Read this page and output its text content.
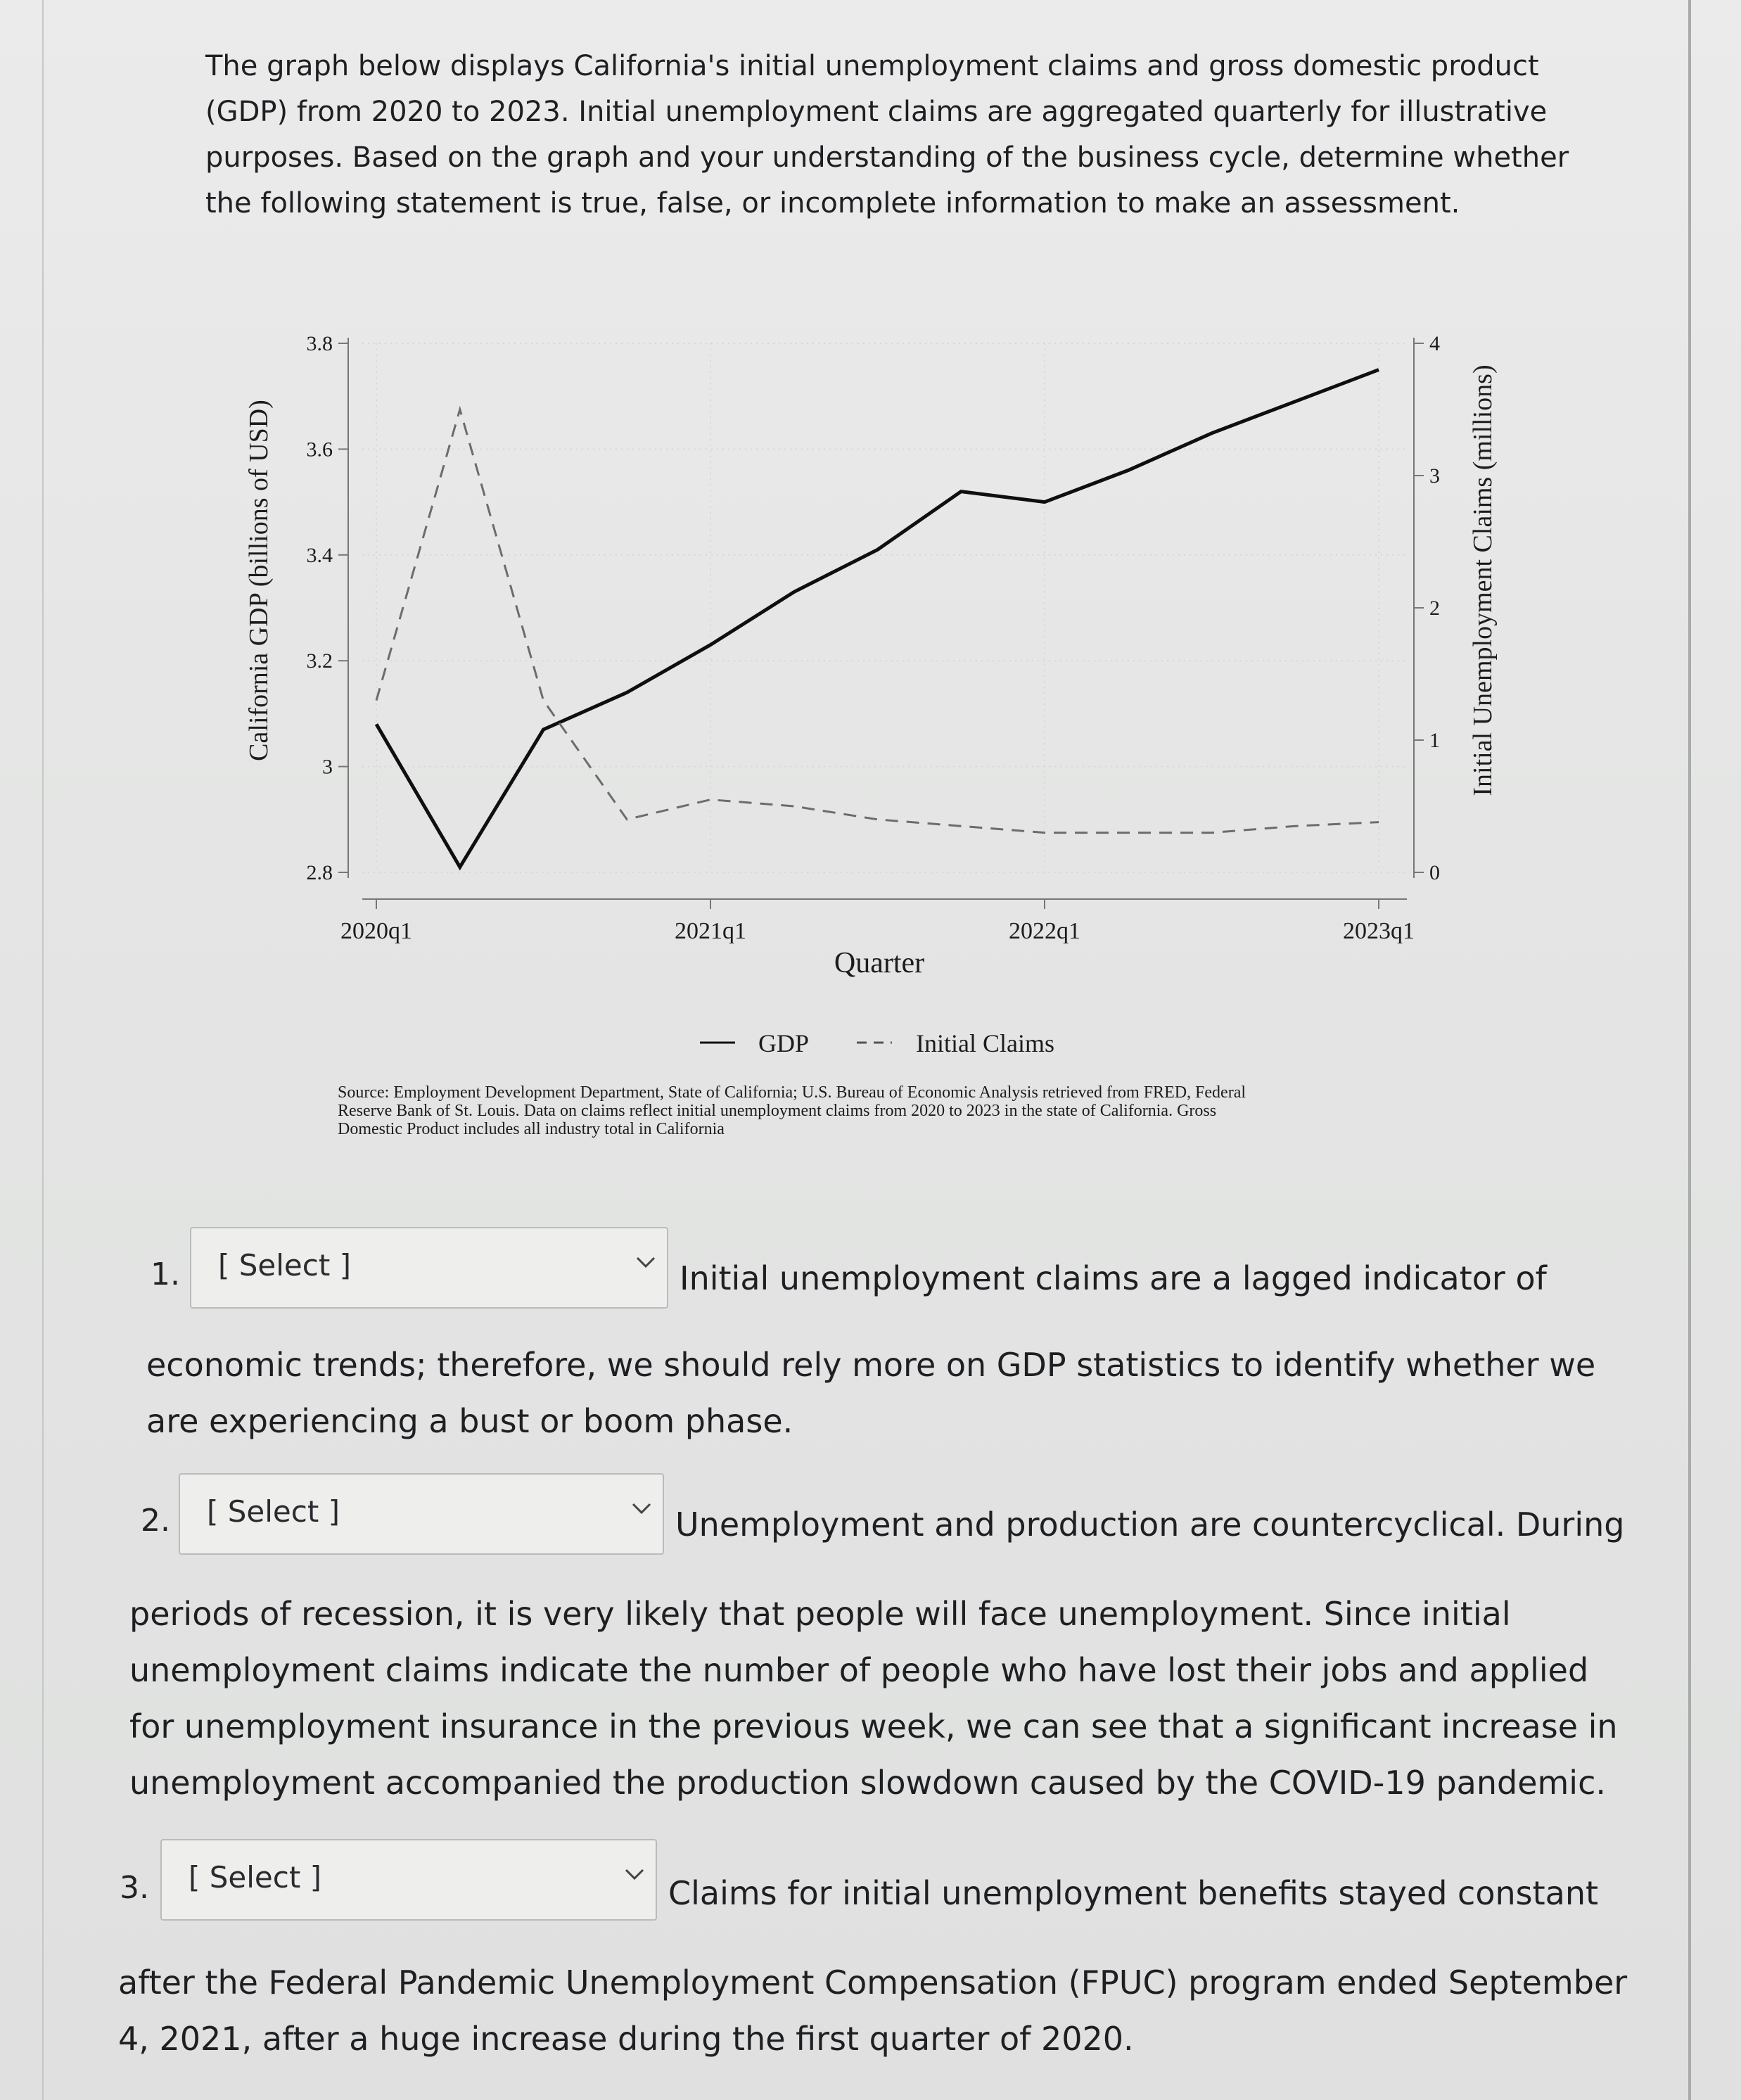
The graph below displays California's initial unemployment claims and gross domestic product (GDP) from 2020 to 2023. Initial unemployment claims are aggregated quarterly for illustrative purposes. Based on the graph and your understanding of the business cycle, determine whether the following statement is true, false, or incomplete information to make an assessment.

2.8
3
3.2
3.4
3.6
3.8
0
1
2
3
4
2020q1	2021q1	2022q1	2023q1
California GDP (billions of USD)	Initial Unemployment Claims (millions)
Quarter
GDP	Initial Claims
Source: Employment Development Department, State of California; U.S. Bureau of Economic Analysis retrieved from FRED, Federal
Reserve Bank of St. Louis. Data on claims reflect initial unemployment claims from 2020 to 2023 in the state of California. Gross
Domestic Product includes all industry total in California
1. [ Select ]	Initial unemployment claims are a lagged indicator of

economic trends; therefore, we should rely more on GDP statistics to identify whether we are experiencing a bust or boom phase.

2. [ Select ]	Unemployment and production are countercyclical. During

periods of recession, it is very likely that people will face unemployment. Since initial unemployment claims indicate the number of people who have lost their jobs and applied for unemployment insurance in the previous week, we can see that a significant increase in unemployment accompanied the production slowdown caused by the COVID-19 pandemic.

3. [ Select ]	Claims for initial unemployment benefits stayed constant

after the Federal Pandemic Unemployment Compensation (FPUC) program ended September 4, 2021, after a huge increase during the first quarter of 2020.
